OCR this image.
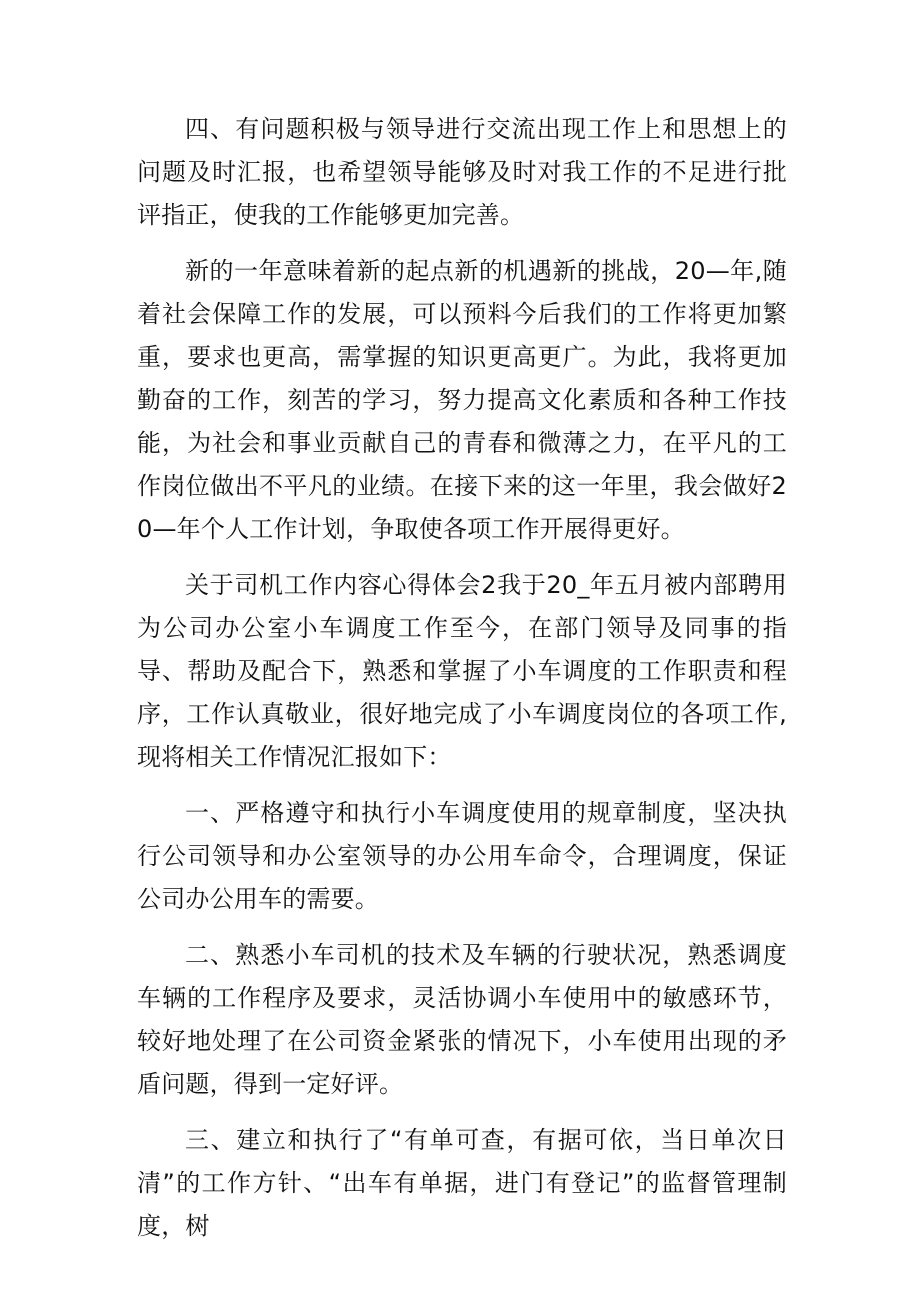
四、有问题积极与领导进行交流出现工作上和思想上的问题及时汇报，也希望领导能够及时对我工作的不足进行批评指正，使我的工作能够更加完善。

新的一年意味着新的起点新的机遇新的挑战，20—年,随着社会保障工作的发展，可以预料今后我们的工作将更加繁重，要求也更高，需掌握的知识更高更广。为此，我将更加勤奋的工作，刻苦的学习，努力提高文化素质和各种工作技能，为社会和事业贡献自己的青春和微薄之力，在平凡的工作岗位做出不平凡的业绩。在接下来的这一年里，我会做好20—年个人工作计划，争取使各项工作开展得更好。

关于司机工作内容心得体会2我于20_年五月被内部聘用为公司办公室小车调度工作至今，在部门领导及同事的指导、帮助及配合下，熟悉和掌握了小车调度的工作职责和程序，工作认真敬业，很好地完成了小车调度岗位的各项工作,现将相关工作情况汇报如下：

一、严格遵守和执行小车调度使用的规章制度，坚决执行公司领导和办公室领导的办公用车命令，合理调度，保证公司办公用车的需要。

二、熟悉小车司机的技术及车辆的行驶状况，熟悉调度车辆的工作程序及要求，灵活协调小车使用中的敏感环节，较好地处理了在公司资金紧张的情况下，小车使用出现的矛盾问题，得到一定好评。

三、建立和执行了“有单可查，有据可依，当日单次日清”的工作方针、“出车有单据，进门有登记”的监督管理制度，树
